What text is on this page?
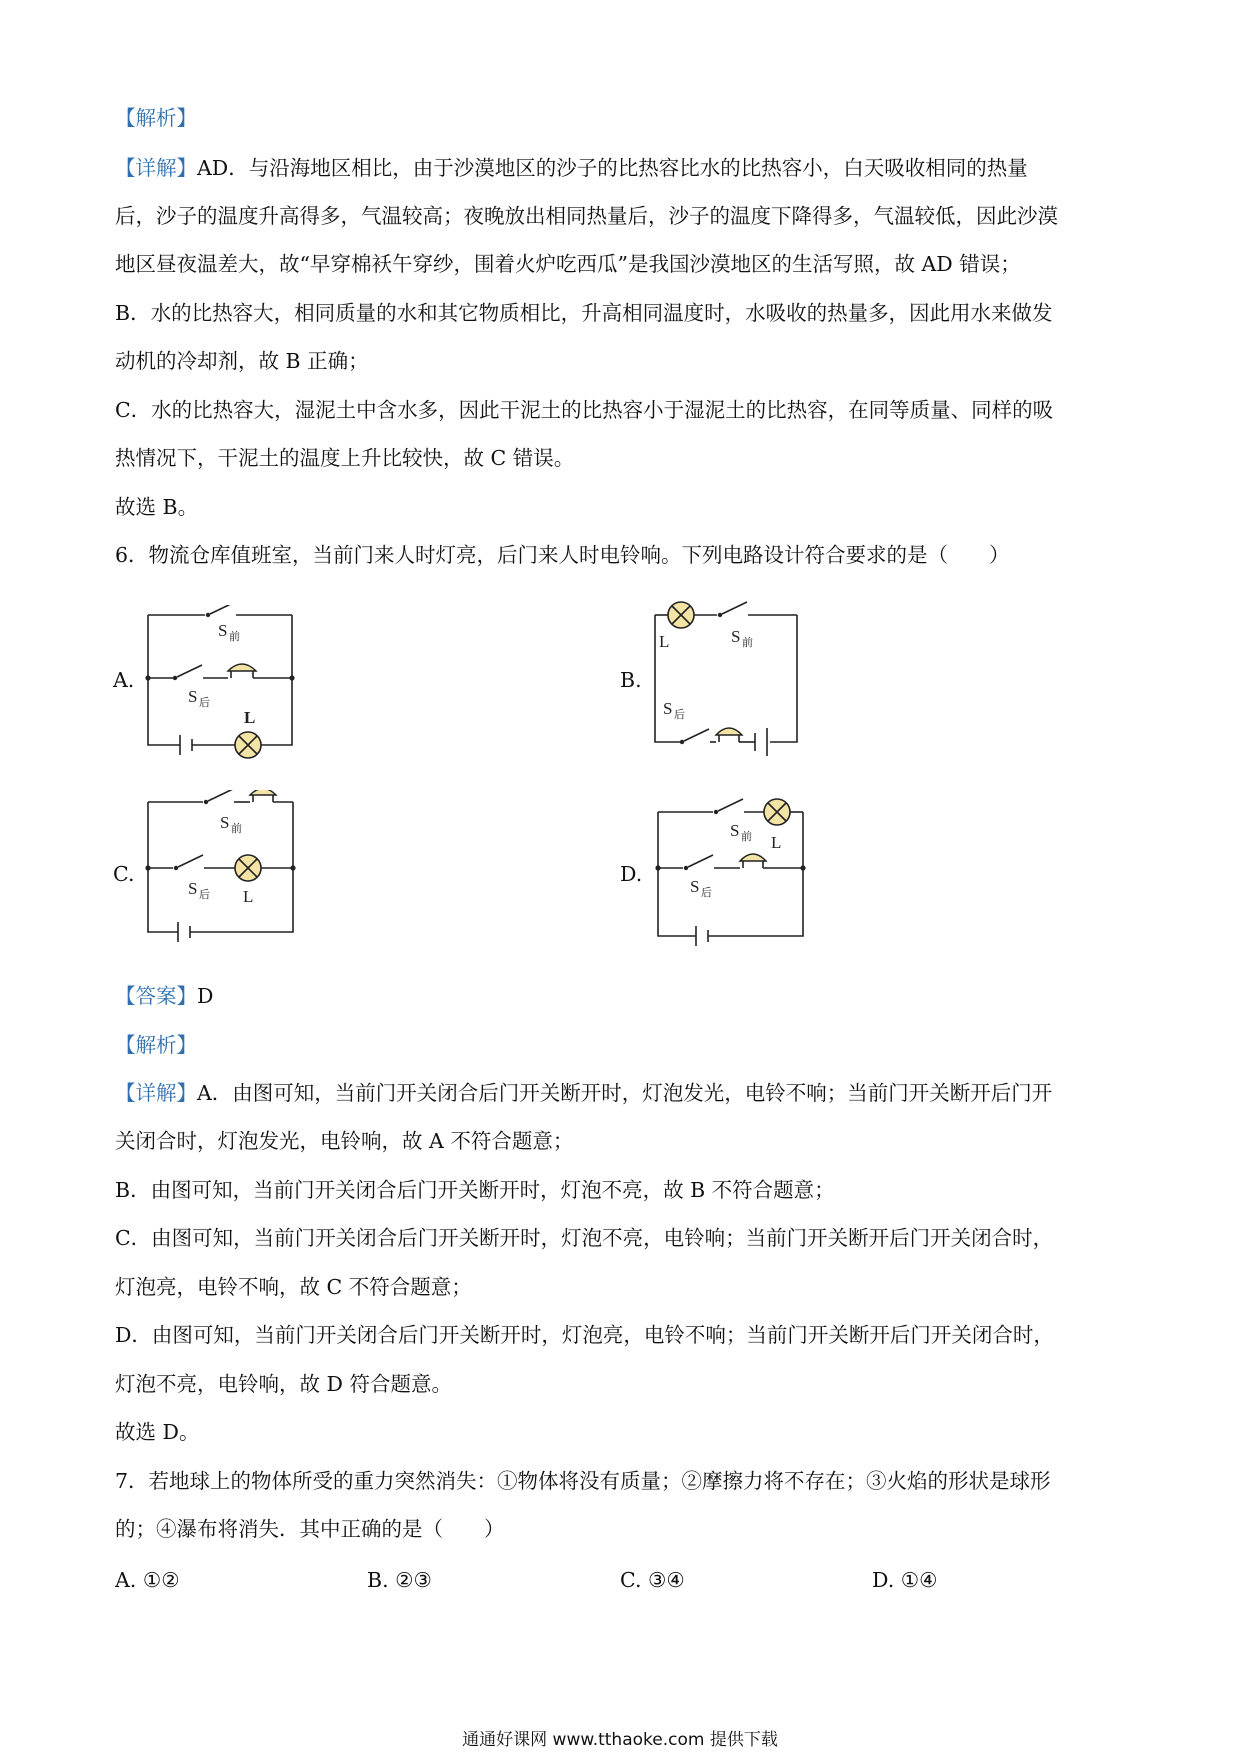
【解析】
【详解】AD．与沿海地区相比，由于沙漠地区的沙子的比热容比水的比热容小，白天吸收相同的热量
后，沙子的温度升高得多，气温较高；夜晚放出相同热量后，沙子的温度下降得多，气温较低，因此沙漠
地区昼夜温差大，故“早穿棉袄午穿纱，围着火炉吃西瓜”是我国沙漠地区的生活写照，故 AD 错误；
B．水的比热容大，相同质量的水和其它物质相比，升高相同温度时，水吸收的热量多，因此用水来做发
动机的冷却剂，故 B 正确；
C．水的比热容大，湿泥土中含水多，因此干泥土的比热容小于湿泥土的比热容，在同等质量、同样的吸
热情况下，干泥土的温度上升比较快，故 C 错误。
故选 B。
6．物流仓库值班室，当前门来人时灯亮，后门来人时电铃响。下列电路设计符合要求的是（　　）
A.	B.
C.	D.
S 前
S 后
L
L	S 前
S 后
S 前
S 后 L
S 前 L
S 后
【答案】D
【解析】
【详解】A．由图可知，当前门开关闭合后门开关断开时，灯泡发光，电铃不响；当前门开关断开后门开
关闭合时，灯泡发光，电铃响，故 A 不符合题意；
B．由图可知，当前门开关闭合后门开关断开时，灯泡不亮，故 B 不符合题意；
C．由图可知，当前门开关闭合后门开关断开时，灯泡不亮，电铃响；当前门开关断开后门开关闭合时，
灯泡亮，电铃不响，故 C 不符合题意；
D．由图可知，当前门开关闭合后门开关断开时，灯泡亮，电铃不响；当前门开关断开后门开关闭合时，
灯泡不亮，电铃响，故 D 符合题意。
故选 D。
7．若地球上的物体所受的重力突然消失：①物体将没有质量；②摩擦力将不存在；③火焰的形状是球形
的；④瀑布将消失．其中正确的是（　　）
A. ①②	B. ②③	C. ③④	D. ①④
通通好课网 www.tthaoke.com 提供下载
